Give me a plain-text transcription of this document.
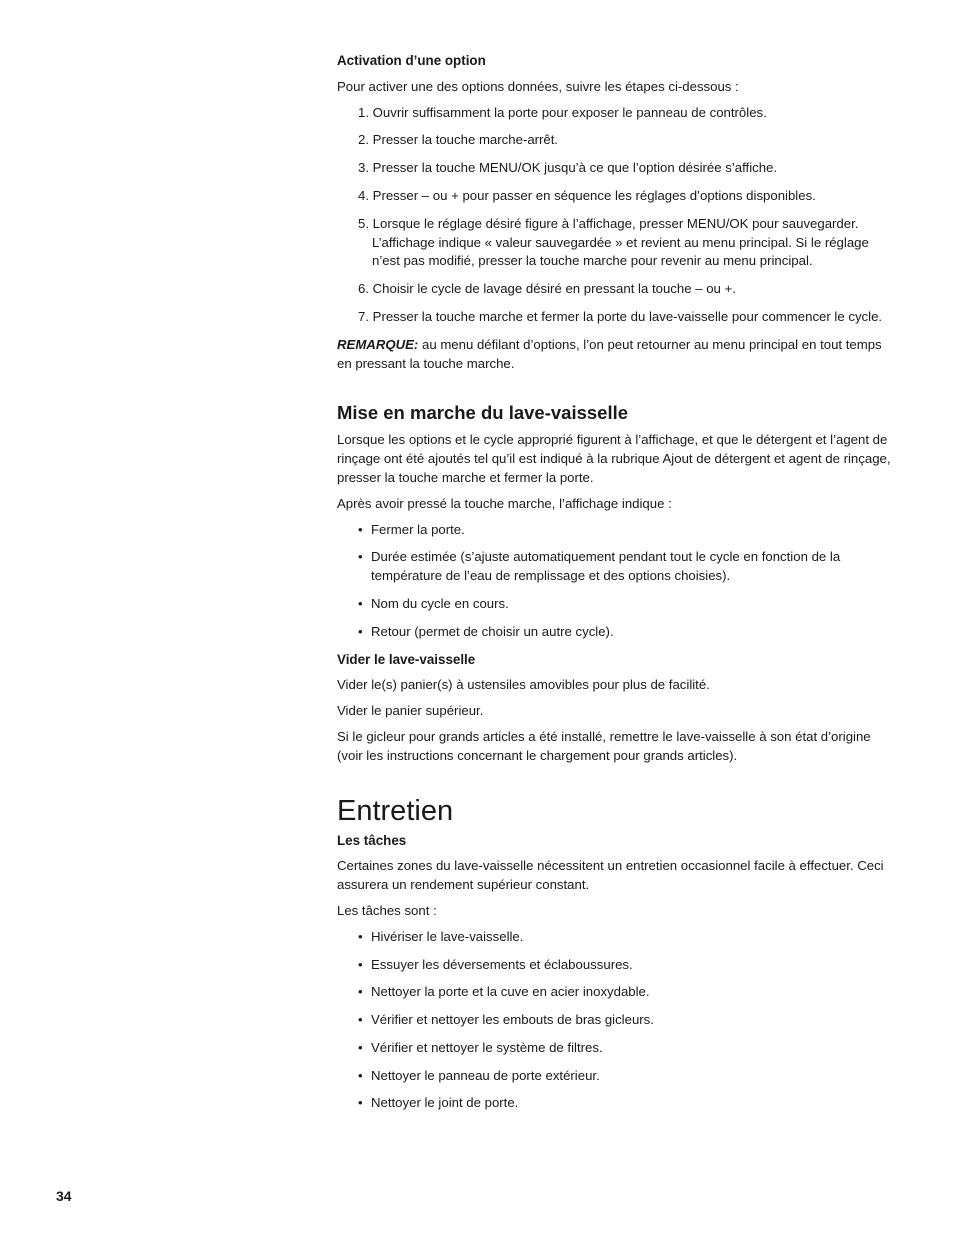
Activation d’une option

Pour activer une des options données, suivre les étapes ci-dessous :

1. Ouvrir suffisamment la porte pour exposer le panneau de contrôles.
2. Presser la touche marche-arrêt.
3. Presser la touche MENU/OK jusqu’à ce que l’option désirée s’affiche.
4. Presser – ou + pour passer en séquence les réglages d’options disponibles.
5. Lorsque le réglage désiré figure à l’affichage, presser MENU/OK pour sauvegarder. L’affichage indique « valeur sauvegardée » et revient au menu principal. Si le réglage n’est pas modifié, presser la touche marche pour revenir au menu principal.
6. Choisir le cycle de lavage désiré en pressant la touche – ou +.
7. Presser la touche marche et fermer la porte du lave-vaisselle pour commencer le cycle.

REMARQUE: au menu défilant d’options, l’on peut retourner au menu principal en tout temps en pressant la touche marche.

Mise en marche du lave-vaisselle

Lorsque les options et le cycle approprié figurent à l’affichage, et que le détergent et l’agent de rinçage ont été ajoutés tel qu’il est indiqué à la rubrique Ajout de détergent et agent de rinçage, presser la touche marche et fermer la porte.

Après avoir pressé la touche marche, l’affichage indique :

• Fermer la porte.
• Durée estimée (s’ajuste automatiquement pendant tout le cycle en fonction de la température de l’eau de remplissage et des options choisies).
• Nom du cycle en cours.
• Retour (permet de choisir un autre cycle).
Vider le lave-vaisselle

Vider le(s) panier(s) à ustensiles amovibles pour plus de facilité.

Vider le panier supérieur.

Si le gicleur pour grands articles a été installé, remettre le lave-vaisselle à son état d’origine (voir les instructions concernant le chargement pour grands articles).

Entretien
Les tâches

Certaines zones du lave-vaisselle nécessitent un entretien occasionnel facile à effectuer. Ceci assurera un rendement supérieur constant.

Les tâches sont :

• Hivériser le lave-vaisselle.
• Essuyer les déversements et éclaboussures.
• Nettoyer la porte et la cuve en acier inoxydable.
• Vérifier et nettoyer les embouts de bras gicleurs.
• Vérifier et nettoyer le système de filtres.
• Nettoyer le panneau de porte extérieur.
• Nettoyer le joint de porte.
34
